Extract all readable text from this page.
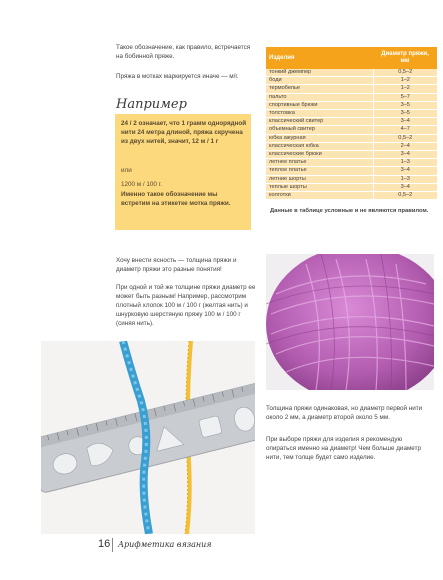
Такое обозначение, как правило, встречается на бобинной пряже.

Пряжа в мотках маркируется иначе — м/г.

Например

24 / 2 означает, что 1 грамм однорядной нити 24 метра длиной, пряжа скручена из двух нитей, значит, 12 м / 1 г

или

1200 м / 100 г.

Именно такое обозначение мы встретим на этикетке мотка пряжи.

Изделия	Диаметр пряжи, мм
тонкий джемпер	0,5–2
боди	1–2
термобелье	1–2
пальто	5–7
спортивные брюки	3–5
толстовка	3–5
классический свитер	3–4
объемный свитер	4–7
юбка ажурная	0,5–2
классическая юбка	2–4
классические брюки	3–4
летнее платье	1–3
теплое платье	3–4
летние шорты	1–3
теплые шорты	3–4
колготки	0,5–2

Данные в таблице условные и не являются правилом.

Хочу внести ясность — толщина пряжи и диаметр пряжи это разные понятия!

При одной и той же толщине пряжи диаметр ее может быть разным! Например, рассмотрим плотный хлопок 100 м / 100 г (желтая нить) и шнурковую шерстяную пряжу 100 м / 100 г (синяя нить).

Толщина пряжи одинаковая, но диаметр первой нити около 2 мм, а диаметр второй около 5 мм.

При выборе пряжи для изделия я рекомендую опираться именно на диаметр! Чем больше диаметр нити, тем толще будет само изделие.

16 Арифметика вязания
